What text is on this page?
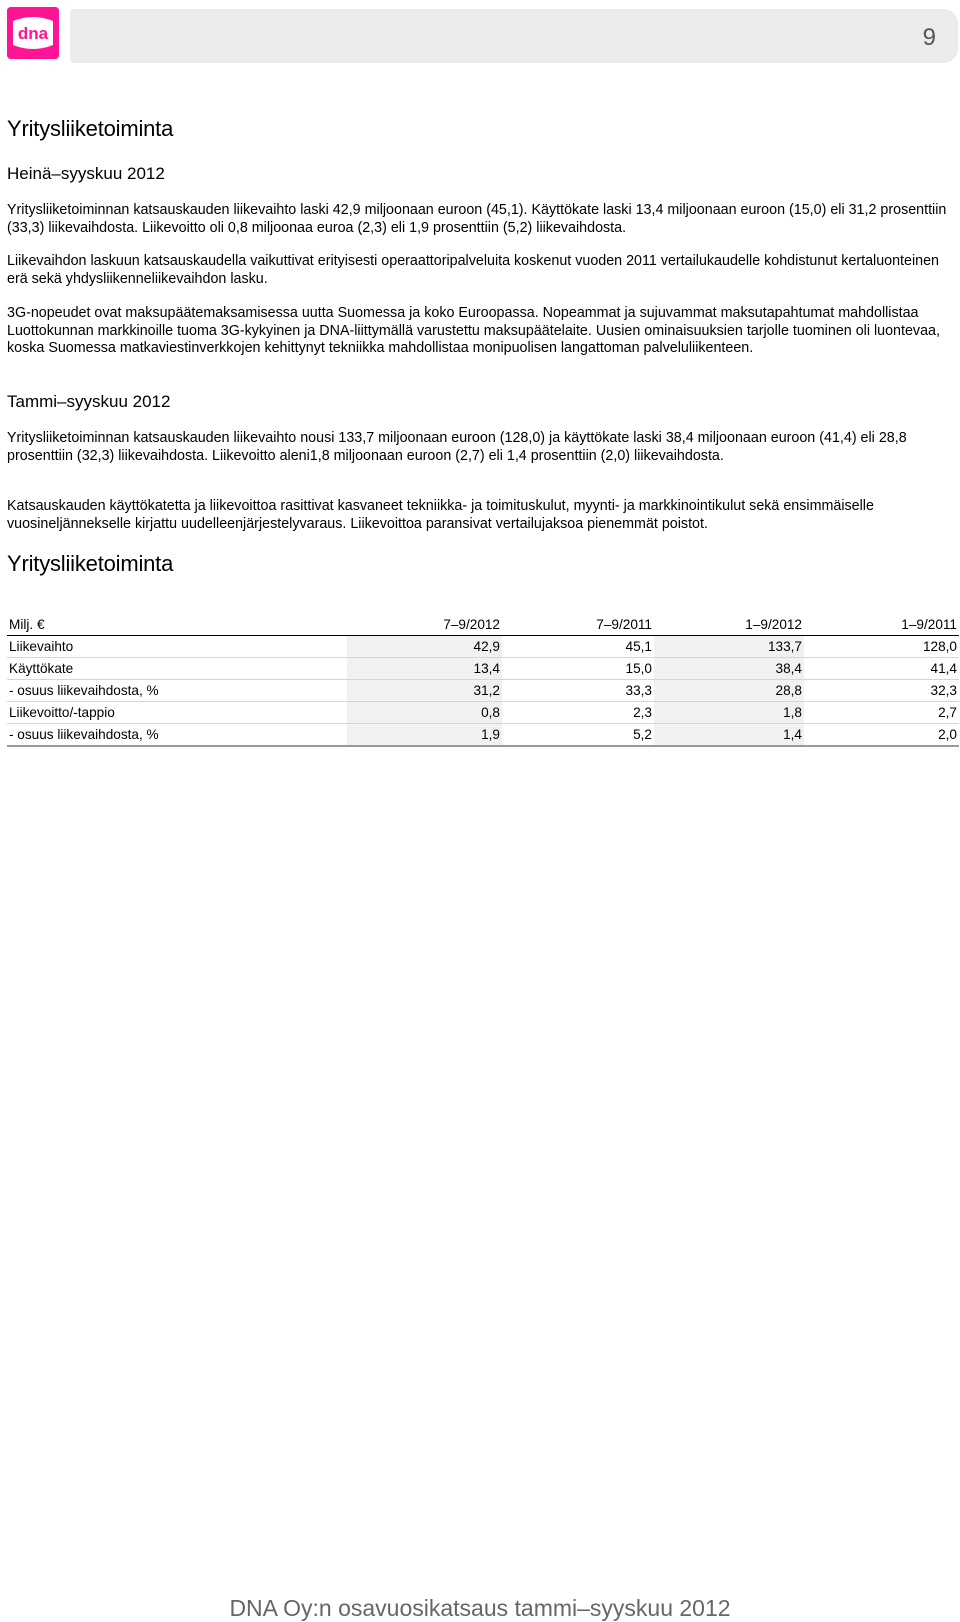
dna	9
Yritysliiketoiminta
Heinä–syyskuu 2012

Yritysliiketoiminnan katsauskauden liikevaihto laski 42,9 miljoonaan euroon (45,1). Käyttökate laski 13,4 miljoonaan euroon (15,0) eli 31,2 prosenttiin (33,3) liikevaihdosta. Liikevoitto oli 0,8 miljoonaa euroa (2,3) eli 1,9 prosenttiin (5,2) liikevaihdosta.

Liikevaihdon laskuun katsauskaudella vaikuttivat erityisesti operaattoripalveluita koskenut vuoden 2011 vertailukaudelle kohdistunut kertaluonteinen erä sekä yhdysliikenneliikevaihdon lasku.

3G-nopeudet ovat maksupäätemaksamisessa uutta Suomessa ja koko Euroopassa. Nopeammat ja sujuvammat maksutapahtumat mahdollistaa Luottokunnan markkinoille tuoma 3G-kykyinen ja DNA-liittymällä varustettu maksupäätelaite. Uusien ominaisuuksien tarjolle tuominen oli luontevaa, koska Suomessa matkaviestinverkkojen kehittynyt tekniikka mahdollistaa monipuolisen langattoman palveluliikenteen.

Tammi–syyskuu 2012

Yritysliiketoiminnan katsauskauden liikevaihto nousi 133,7 miljoonaan euroon (128,0) ja käyttökate laski 38,4 miljoonaan euroon (41,4) eli 28,8 prosenttiin (32,3) liikevaihdosta. Liikevoitto aleni1,8 miljoonaan euroon (2,7) eli 1,4 prosenttiin (2,0) liikevaihdosta.

Katsauskauden käyttökatetta ja liikevoittoa rasittivat kasvaneet tekniikka- ja toimituskulut, myynti- ja markkinointikulut sekä ensimmäiselle vuosineljännekselle kirjattu uudelleenjärjestelyvaraus. Liikevoittoa paransivat vertailujaksoa pienemmät poistot.

Yritysliiketoiminta
Milj. €	7–9/2012	7–9/2011	1–9/2012	1–9/2011
Liikevaihto	42,9	45,1	133,7	128,0
Käyttökate	13,4	15,0	38,4	41,4
- osuus liikevaihdosta, %	31,2	33,3	28,8	32,3
Liikevoitto/-tappio	0,8	2,3	1,8	2,7
- osuus liikevaihdosta, %	1,9	5,2	1,4	2,0
DNA Oy:n osavuosikatsaus tammi–syyskuu 2012
